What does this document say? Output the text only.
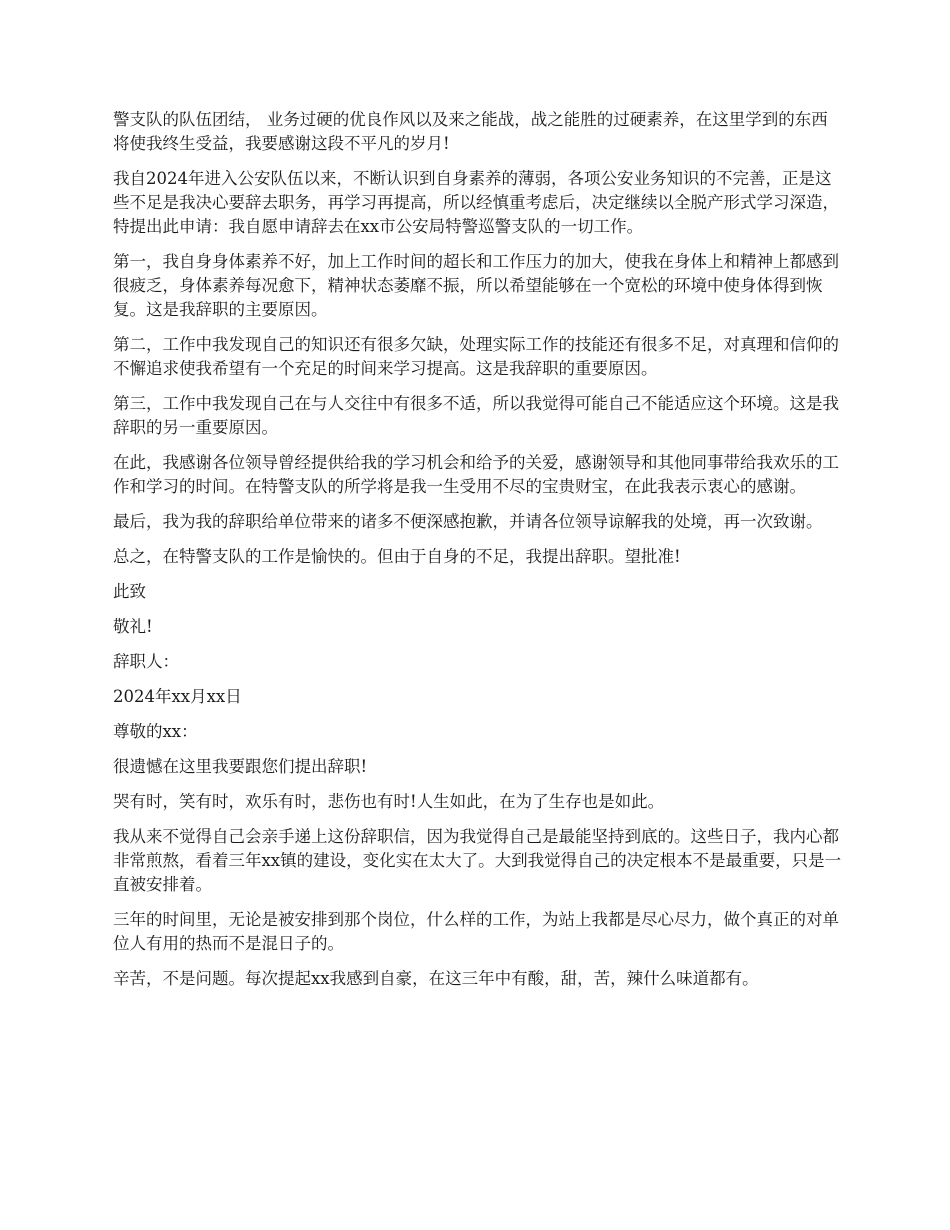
警支队的队伍团结， 业务过硬的优良作风以及来之能战，战之能胜的过硬素养，在这里学到的东西将使我终生受益，我要感谢这段不平凡的岁月!

我自2024年进入公安队伍以来，不断认识到自身素养的薄弱，各项公安业务知识的不完善，正是这些不足是我决心要辞去职务，再学习再提高，所以经慎重考虑后，决定继续以全脱产形式学习深造，特提出此申请：我自愿申请辞去在xx市公安局特警巡警支队的一切工作。

第一，我自身身体素养不好，加上工作时间的超长和工作压力的加大，使我在身体上和精神上都感到很疲乏，身体素养每况愈下，精神状态萎靡不振，所以希望能够在一个宽松的环境中使身体得到恢复。这是我辞职的主要原因。

第二，工作中我发现自己的知识还有很多欠缺，处理实际工作的技能还有很多不足，对真理和信仰的不懈追求使我希望有一个充足的时间来学习提高。这是我辞职的重要原因。

第三，工作中我发现自己在与人交往中有很多不适，所以我觉得可能自己不能适应这个环境。这是我辞职的另一重要原因。

在此，我感谢各位领导曾经提供给我的学习机会和给予的关爱，感谢领导和其他同事带给我欢乐的工作和学习的时间。在特警支队的所学将是我一生受用不尽的宝贵财宝，在此我表示衷心的感谢。

最后，我为我的辞职给单位带来的诸多不便深感抱歉，并请各位领导谅解我的处境，再一次致谢。

总之，在特警支队的工作是愉快的。但由于自身的不足，我提出辞职。望批准!

此致

敬礼!

辞职人：

2024年xx月xx日

尊敬的xx：

很遗憾在这里我要跟您们提出辞职!

哭有时，笑有时，欢乐有时，悲伤也有时!人生如此，在为了生存也是如此。

我从来不觉得自己会亲手递上这份辞职信，因为我觉得自己是最能坚持到底的。这些日子，我内心都非常煎熬，看着三年xx镇的建设，变化实在太大了。大到我觉得自己的决定根本不是最重要，只是一直被安排着。

三年的时间里，无论是被安排到那个岗位，什么样的工作，为站上我都是尽心尽力，做个真正的对单位人有用的热而不是混日子的。

辛苦，不是问题。每次提起xx我感到自豪，在这三年中有酸，甜，苦，辣什么味道都有。
